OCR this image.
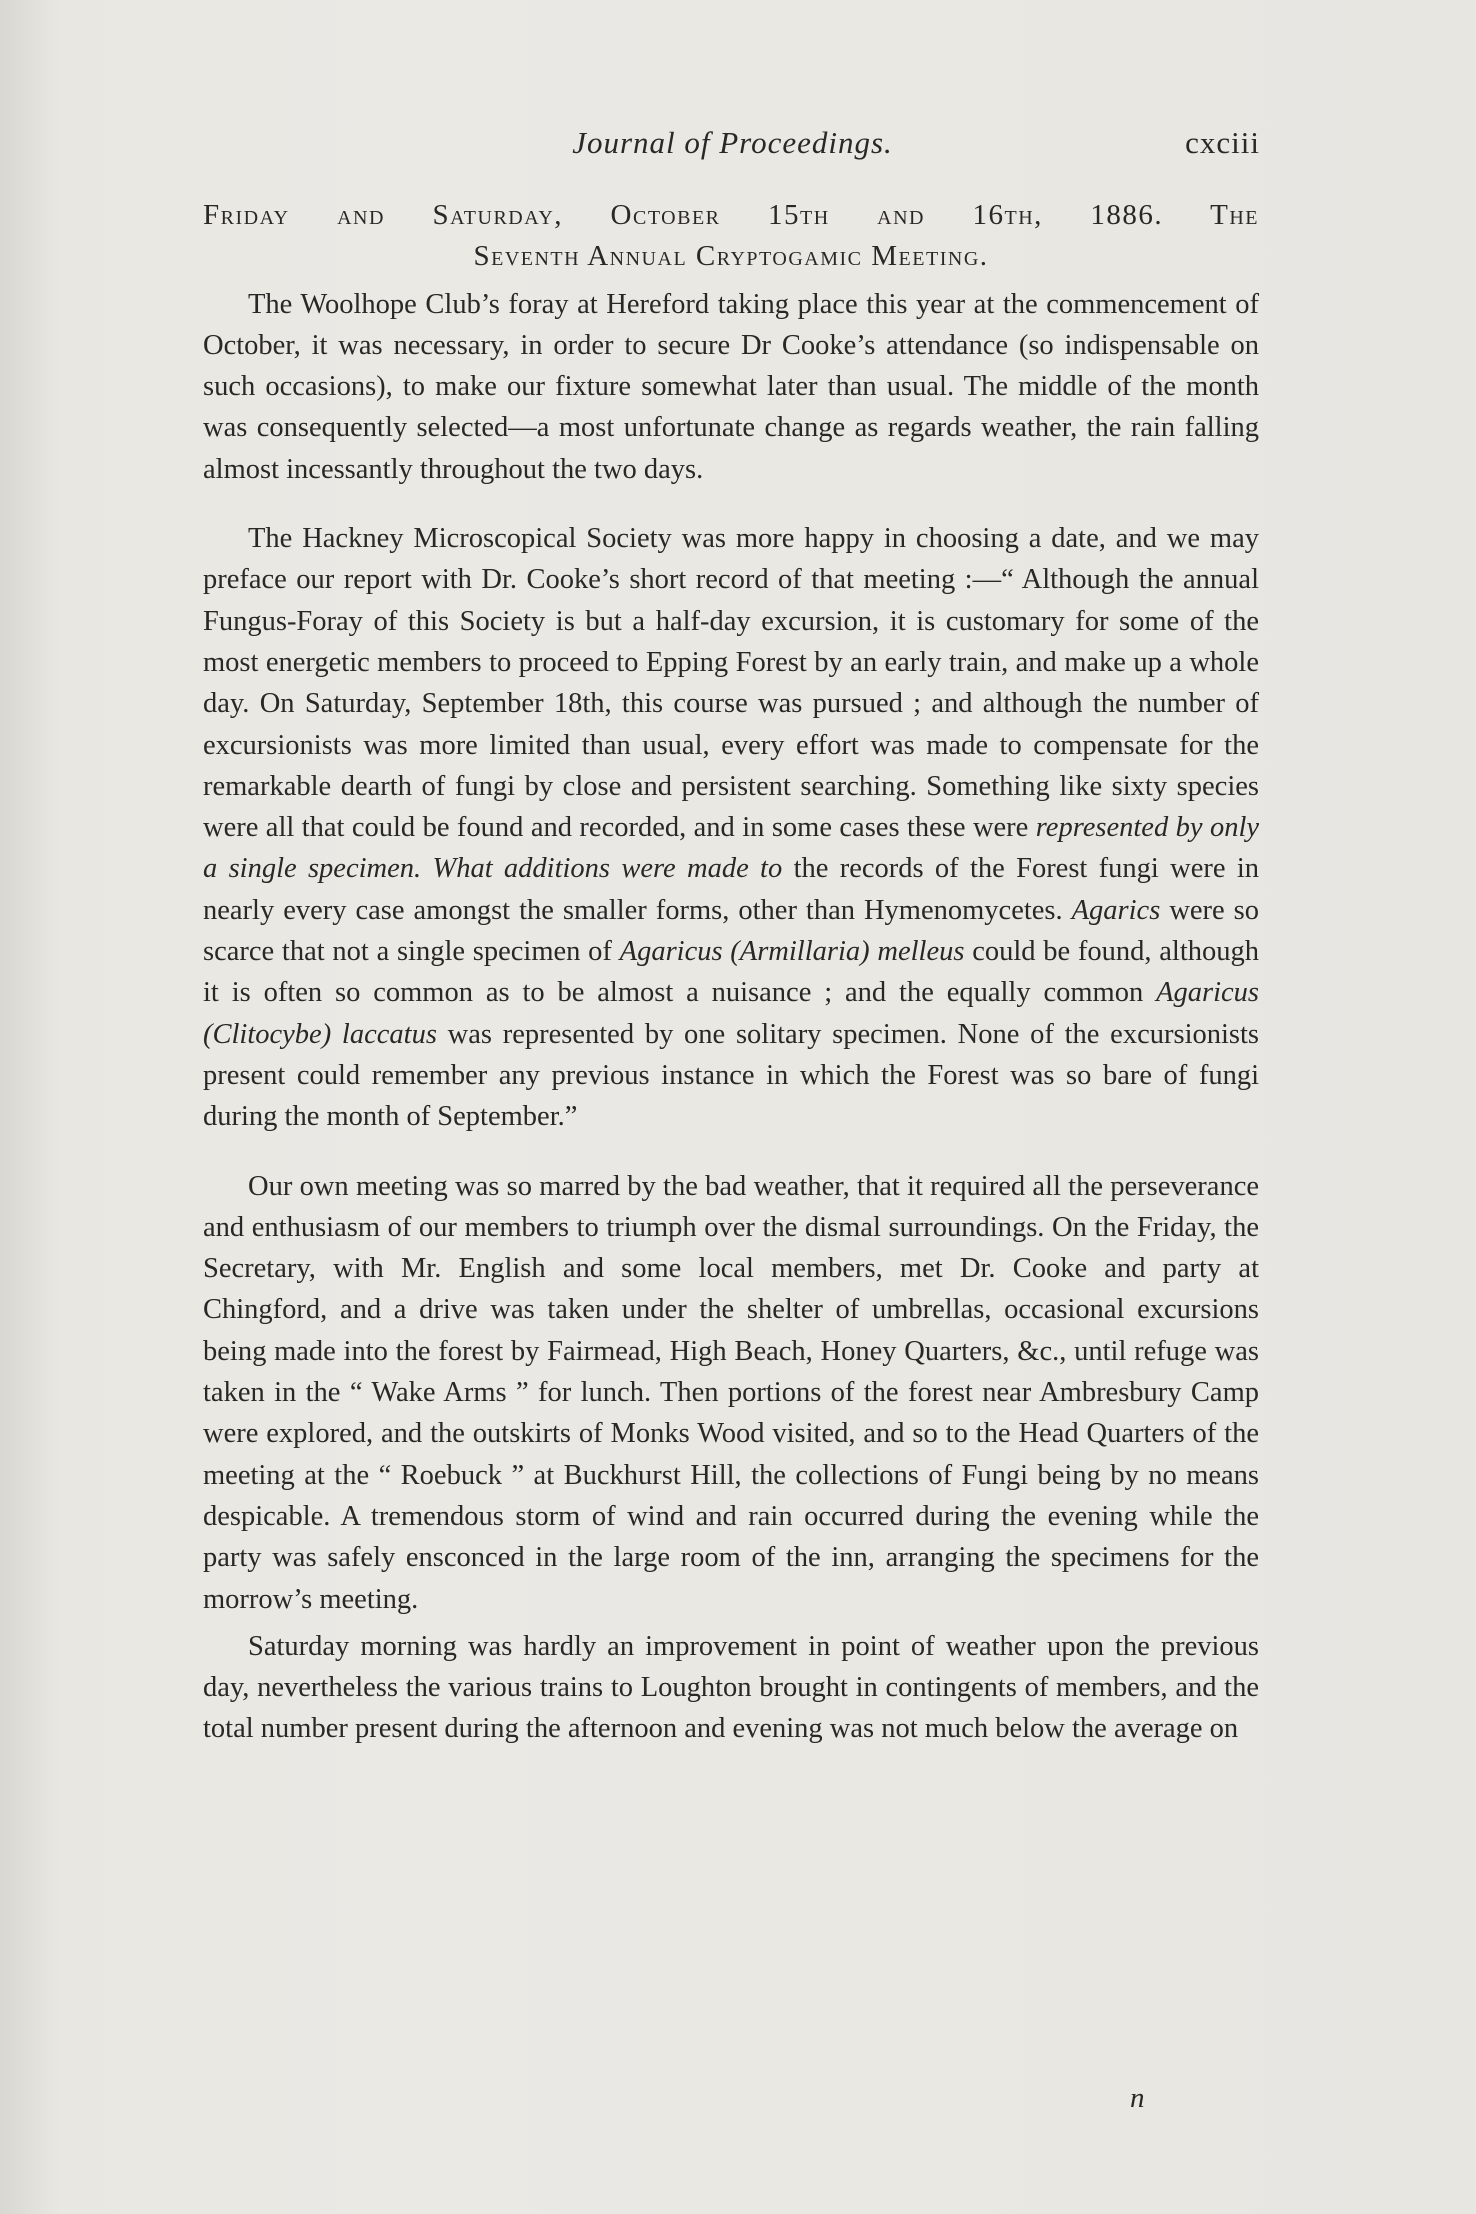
Journal of Proceedings.	cxciii
Friday and Saturday, October 15th and 16th, 1886. The
Seventh Annual Cryptogamic Meeting.

The Woolhope Club’s foray at Hereford taking place this year at the commencement of October, it was necessary, in order to secure Dr Cooke’s attendance (so indispensable on such occasions), to make our fixture somewhat later than usual. The middle of the month was consequently selected—a most unfortunate change as regards weather, the rain falling almost incessantly throughout the two days.

The Hackney Microscopical Society was more happy in choosing a date, and we may preface our report with Dr. Cooke’s short record of that meeting :—“ Although the annual Fungus-Foray of this Society is but a half-day excursion, it is customary for some of the most energetic members to proceed to Epping Forest by an early train, and make up a whole day. On Saturday, September 18th, this course was pursued ; and although the number of excursionists was more limited than usual, every effort was made to compensate for the remarkable dearth of fungi by close and persistent searching. Something like sixty species were all that could be found and recorded, and in some cases these were represented by only a single specimen. What additions were made to the records of the Forest fungi were in nearly every case amongst the smaller forms, other than Hymenomycetes. Agarics were so scarce that not a single specimen of Agaricus (Armillaria) melleus could be found, although it is often so common as to be almost a nuisance ; and the equally common Agaricus (Clitocybe) laccatus was represented by one solitary specimen. None of the excursionists present could remember any previous instance in which the Forest was so bare of fungi during the month of September.”

Our own meeting was so marred by the bad weather, that it required all the perseverance and enthusiasm of our members to triumph over the dismal surroundings. On the Friday, the Secretary, with Mr. English and some local members, met Dr. Cooke and party at Chingford, and a drive was taken under the shelter of umbrellas, occasional excursions being made into the forest by Fairmead, High Beach, Honey Quarters, &c., until refuge was taken in the “ Wake Arms ” for lunch. Then portions of the forest near Ambresbury Camp were explored, and the outskirts of Monks Wood visited, and so to the Head Quarters of the meeting at the “ Roebuck ” at Buckhurst Hill, the collections of Fungi being by no means despicable. A tremendous storm of wind and rain occurred during the evening while the party was safely ensconced in the large room of the inn, arranging the specimens for the morrow’s meeting.

Saturday morning was hardly an improvement in point of weather upon the previous day, nevertheless the various trains to Loughton brought in contingents of members, and the total number present during the afternoon and evening was not much below the average on

n
